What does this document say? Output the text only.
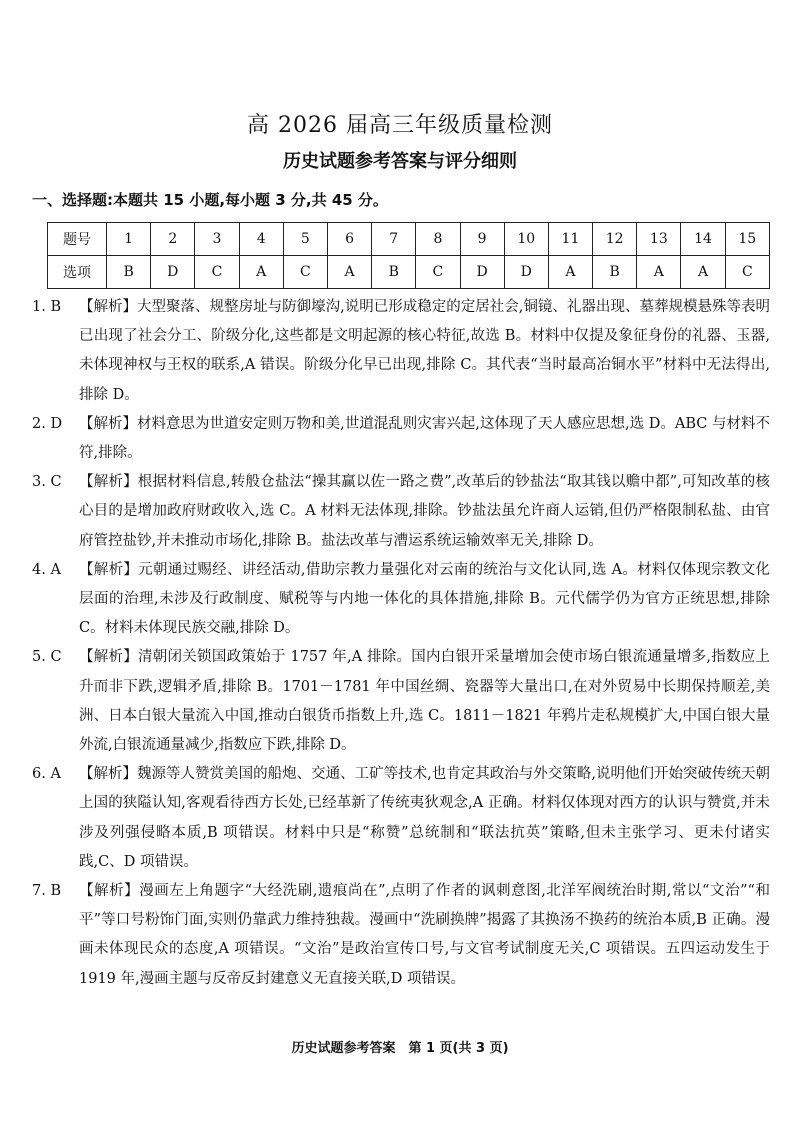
高 2026 届高三年级质量检测
历史试题参考答案与评分细则
一、选择题:本题共 15 小题,每小题 3 分,共 45 分。
题号	1	2	3	4	5	6	7	8	9	10	11	12	13	14	15
选项	B	D	C	A	C	A	B	C	D	D	A	B	A	A	C
1. B	【解析】大型聚落、规整房址与防御壕沟,说明已形成稳定的定居社会,铜镜、礼器出现、墓葬规模悬殊等表明已出现了社会分工、阶级分化,这些都是文明起源的核心特征,故选 B。材料中仅提及象征身份的礼器、玉器,未体现神权与王权的联系,A 错误。阶级分化早已出现,排除 C。其代表“当时最高冶铜水平”材料中无法得出,排除 D。
2. D	【解析】材料意思为世道安定则万物和美,世道混乱则灾害兴起,这体现了天人感应思想,选 D。ABC 与材料不符,排除。
3. C	【解析】根据材料信息,转般仓盐法“操其赢以佐一路之费”,改革后的钞盐法“取其钱以赡中都”,可知改革的核心目的是增加政府财政收入,选 C。A 材料无法体现,排除。钞盐法虽允许商人运销,但仍严格限制私盐、由官府管控盐钞,并未推动市场化,排除 B。盐法改革与漕运系统运输效率无关,排除 D。
4. A	【解析】元朝通过赐经、讲经活动,借助宗教力量强化对云南的统治与文化认同,选 A。材料仅体现宗教文化层面的治理,未涉及行政制度、赋税等与内地一体化的具体措施,排除 B。元代儒学仍为官方正统思想,排除 C。材料未体现民族交融,排除 D。
5. C	【解析】清朝闭关锁国政策始于 1757 年,A 排除。国内白银开采量增加会使市场白银流通量增多,指数应上升而非下跌,逻辑矛盾,排除 B。1701－1781 年中国丝绸、瓷器等大量出口,在对外贸易中长期保持顺差,美洲、日本白银大量流入中国,推动白银货币指数上升,选 C。1811－1821 年鸦片走私规模扩大,中国白银大量外流,白银流通量减少,指数应下跌,排除 D。
6. A	【解析】魏源等人赞赏美国的船炮、交通、工矿等技术,也肯定其政治与外交策略,说明他们开始突破传统天朝上国的狭隘认知,客观看待西方长处,已经革新了传统夷狄观念,A 正确。材料仅体现对西方的认识与赞赏,并未涉及列强侵略本质,B 项错误。材料中只是“称赞”总统制和“联法抗英”策略,但未主张学习、更未付诸实践,C、D 项错误。
7. B	【解析】漫画左上角题字“大经洗刷,遗痕尚在”,点明了作者的讽刺意图,北洋军阀统治时期,常以“文治”“和平”等口号粉饰门面,实则仍靠武力维持独裁。漫画中“洗刷换牌”揭露了其换汤不换药的统治本质,B 正确。漫画未体现民众的态度,A 项错误。“文治”是政治宣传口号,与文官考试制度无关,C 项错误。五四运动发生于 1919 年,漫画主题与反帝反封建意义无直接关联,D 项错误。
历史试题参考答案　第 1 页(共 3 页)
